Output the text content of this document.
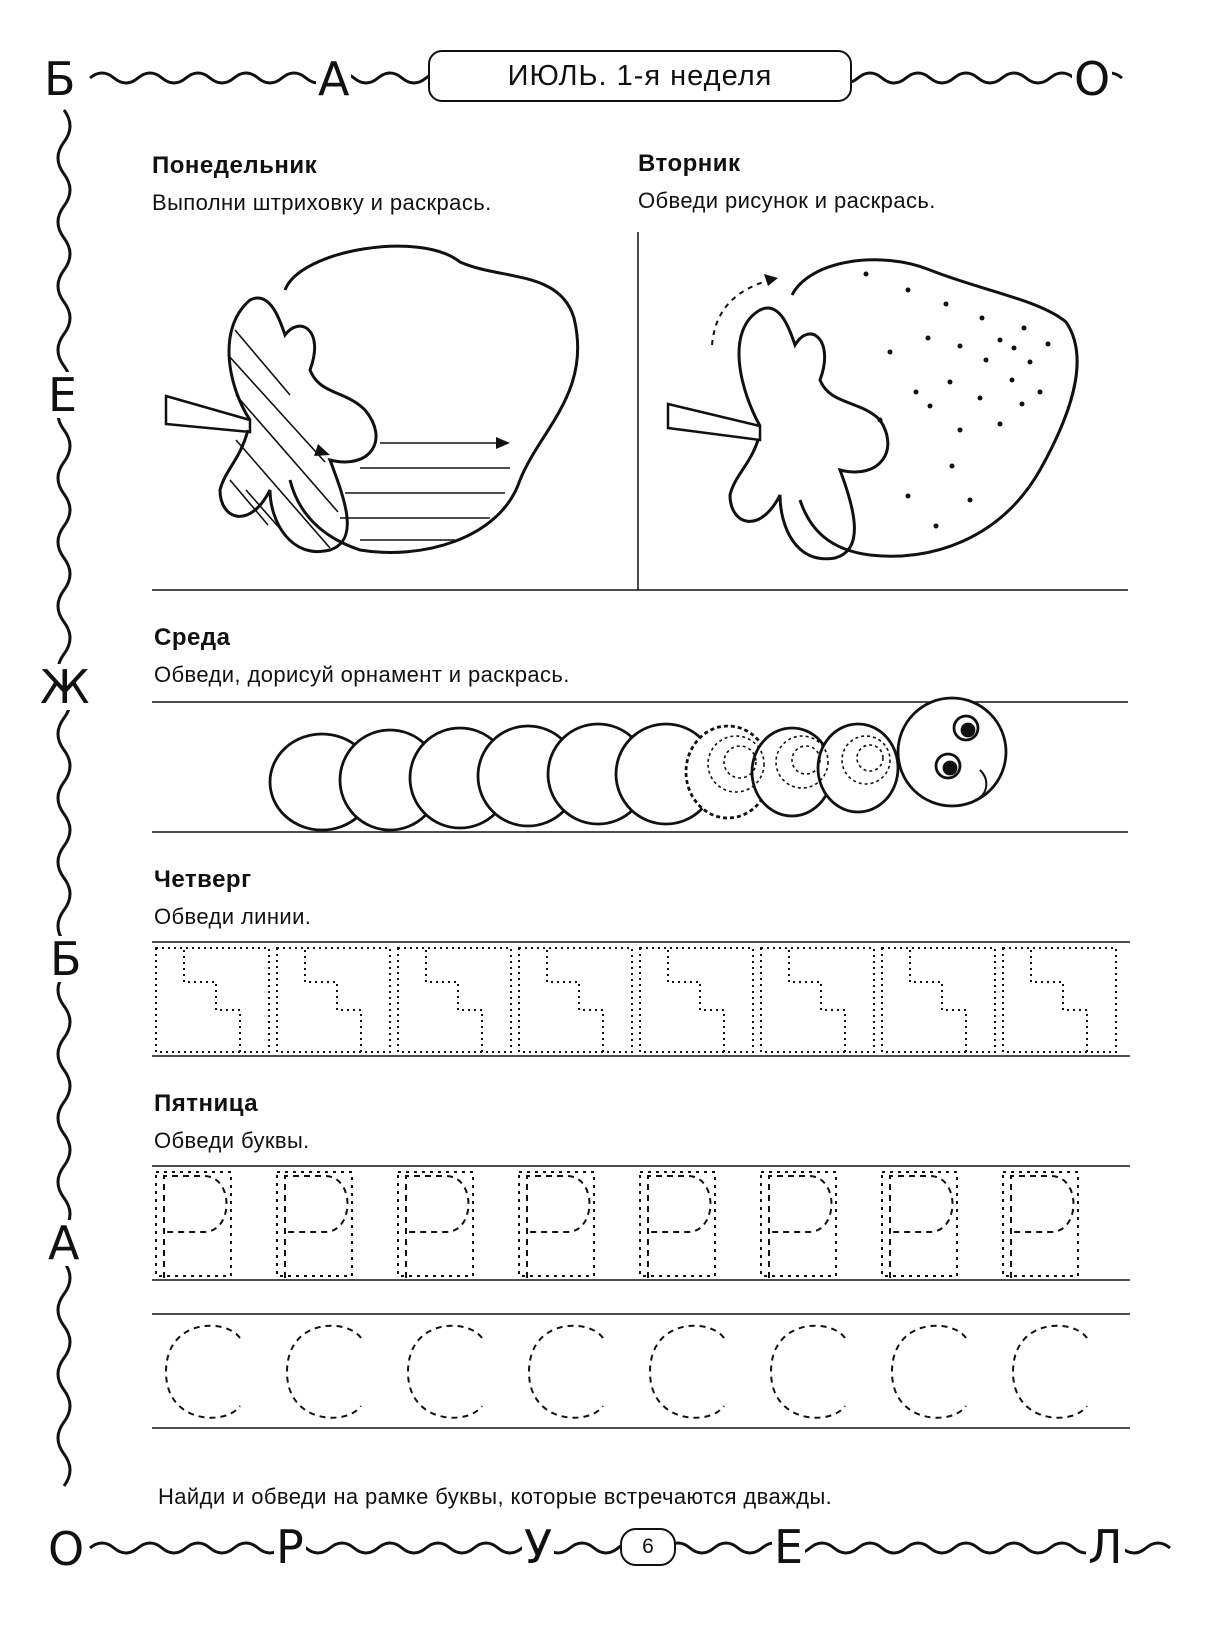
Б	А	О
Е
Ж
Б
А
О	Р	У	Е	Л
ИЮЛЬ. 1-я неделя
Понедельник
Выполни штриховку и раскрась.
Вторник
Обведи рисунок и раскрась.
Среда
Обведи, дорисуй орнамент и раскрась.
Четверг
Обведи линии.
Пятница
Обведи буквы.
Найди и обведи на рамке буквы, которые встречаются дважды.
6
